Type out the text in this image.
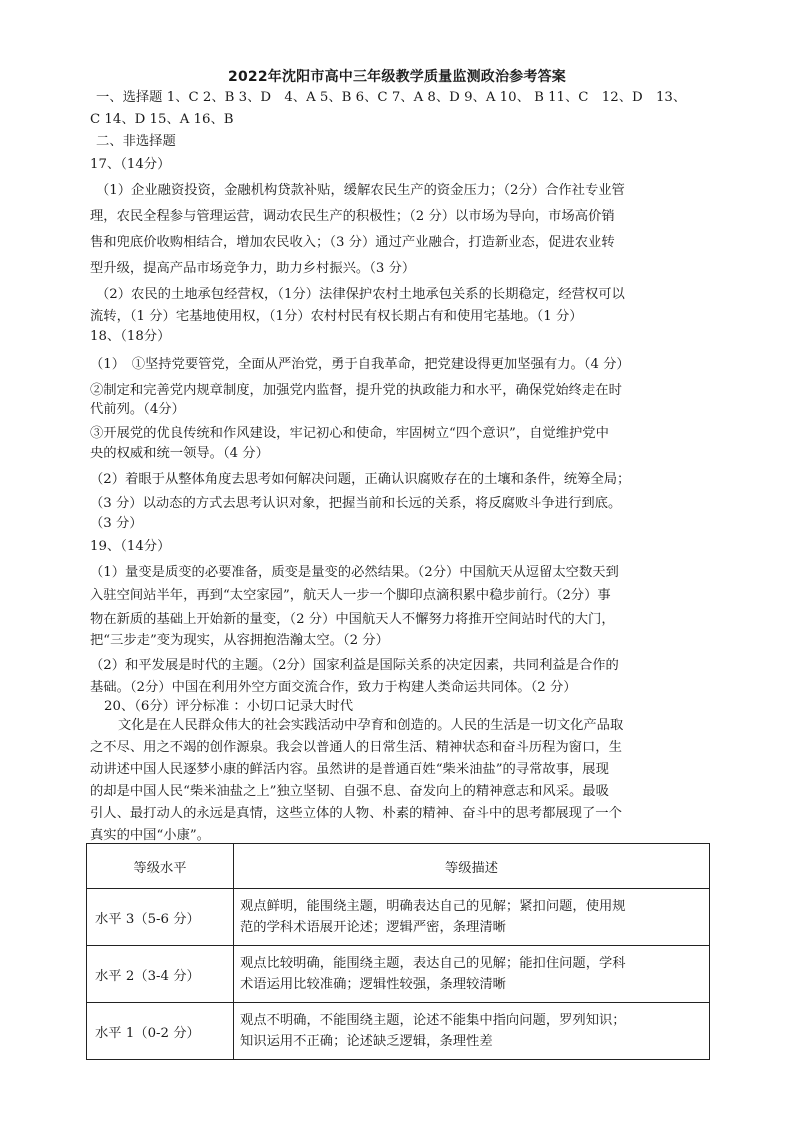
2022年沈阳市高中三年级教学质量监测政治参考答案
一、选择题 1、C 2、B 3、D　4、A 5、B 6、C 7、A 8、D 9、A 10、 B 11、C　12、D　13、
C 14、D 15、A 16、B
二、非选择题
17、（14分）
（1）企业融资投资，金融机构贷款补贴，缓解农民生产的资金压力；（2分）合作社专业管
理，农民全程参与管理运营，调动农民生产的积极性；（2 分）以市场为导向，市场高价销
售和兜底价收购相结合，增加农民收入；（3 分）通过产业融合，打造新业态，促进农业转
型升级，提高产品市场竞争力，助力乡村振兴。（3 分）
（2）农民的土地承包经营权，（1分）法律保护农村土地承包关系的长期稳定，经营权可以
流转，（1 分）宅基地使用权，（1分）农村村民有权长期占有和使用宅基地。（1 分）
18、（18分）
（1）　①坚持党要管党，全面从严治党，勇于自我革命，把党建设得更加坚强有力。（4 分）
②制定和完善党内规章制度，加强党内监督，提升党的执政能力和水平，确保党始终走在时
代前列。（4分）
③开展党的优良传统和作风建设，牢记初心和使命，牢固树立“四个意识”，自觉维护党中
央的权威和统一领导。（4 分）
（2）着眼于从整体角度去思考如何解决问题，正确认识腐败存在的土壤和条件，统筹全局；
（3 分）以动态的方式去思考认识对象，把握当前和长远的关系，将反腐败斗争进行到底。
（3 分）
19、（14分）
（1）量变是质变的必要准备，质变是量变的必然结果。（2分）中国航天从逗留太空数天到
入驻空间站半年，再到“太空家园”，航天人一步一个脚印点滴积累中稳步前行。（2分）事
物在新质的基础上开始新的量变，（2 分）中国航天人不懈努力将推开空间站时代的大门，
把“三步走”变为现实，从容拥抱浩瀚太空。（2 分）
（2）和平发展是时代的主题。（2分）国家利益是国际关系的决定因素，共同利益是合作的
基础。（2分）中国在利用外空方面交流合作，致力于构建人类命运共同体。（2 分）
20、（6分）评分标准 ：小切口记录大时代
文化是在人民群众伟大的社会实践活动中孕育和创造的。人民的生活是一切文化产品取
之不尽、用之不竭的创作源泉。我会以普通人的日常生活、精神状态和奋斗历程为窗口，生
动讲述中国人民逐梦小康的鲜活内容。虽然讲的是普通百姓“柴米油盐”的寻常故事，展现
的却是中国人民“柴米油盐之上”独立坚韧、自强不息、奋发向上的精神意志和风采。最吸
引人、最打动人的永远是真情，这些立体的人物、朴素的精神、奋斗中的思考都展现了一个
真实的中国“小康”。
等级水平	等级描述
水平 3（5-6 分）	观点鲜明，能围绕主题，明确表达自己的见解；紧扣问题，使用规
范的学科术语展开论述；逻辑严密，条理清晰

水平 2（3-4 分）	观点比较明确，能围绕主题，表达自己的见解；能扣住问题，学科
术语运用比较准确；逻辑性较强，条理较清晰

水平 1（0-2 分）	观点不明确，不能围绕主题，论述不能集中指向问题，罗列知识；
知识运用不正确；论述缺乏逻辑，条理性差
